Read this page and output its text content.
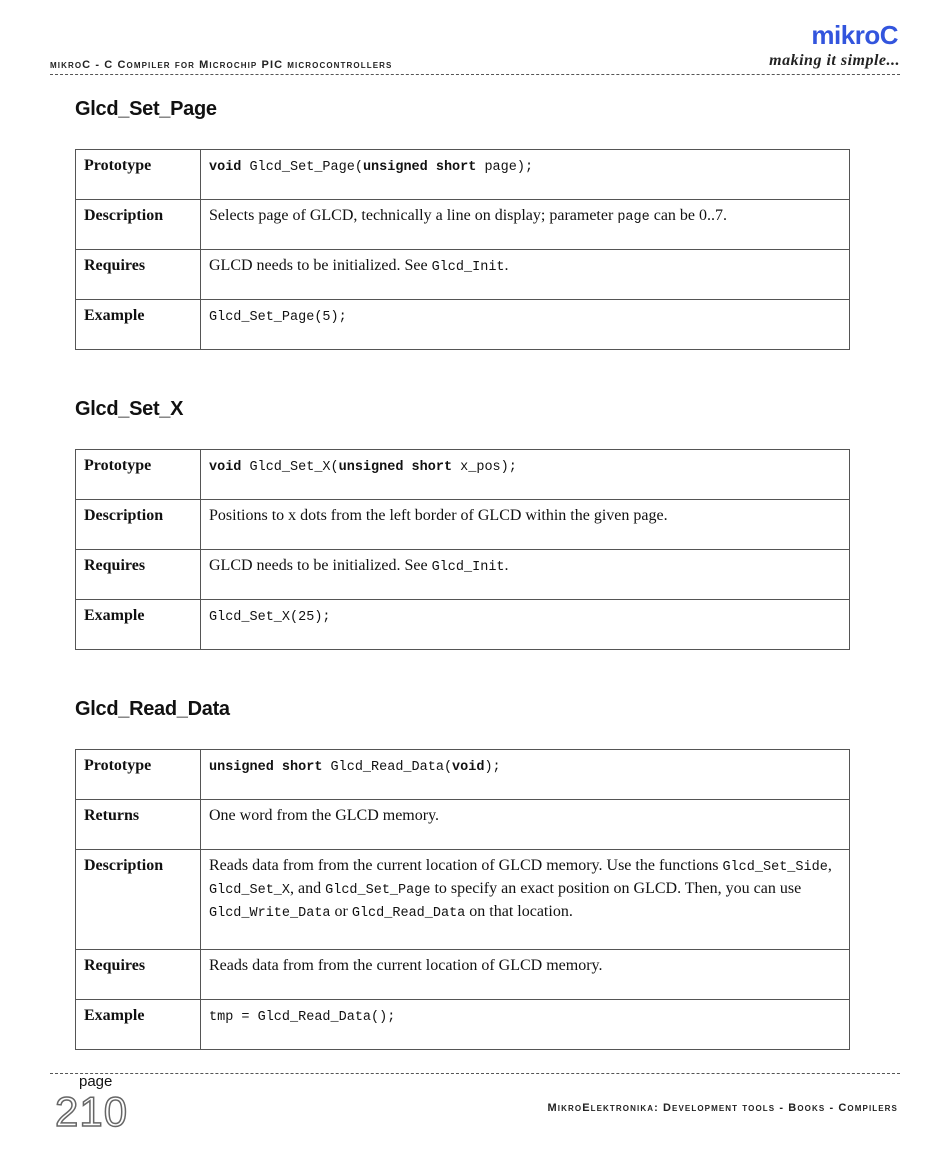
mikroC - C Compiler for Microchip PIC microcontrollers
mikroC
making it simple...
Glcd_Set_Page
Prototype	void Glcd_Set_Page(unsigned short page);
Description	Selects page of GLCD, technically a line on display; parameter page can be 0..7.
Requires	GLCD needs to be initialized. See Glcd_Init.
Example	Glcd_Set_Page(5);
Glcd_Set_X
Prototype	void Glcd_Set_X(unsigned short x_pos);
Description	Positions to x dots from the left border of GLCD within the given page.
Requires	GLCD needs to be initialized. See Glcd_Init.
Example	Glcd_Set_X(25);
Glcd_Read_Data
Prototype	unsigned short Glcd_Read_Data(void);
Returns	One word from the GLCD memory.
Description	Reads data from from the current location of GLCD memory. Use the functions Glcd_Set_Side, Glcd_Set_X, and Glcd_Set_Page to specify an exact position on GLCD. Then, you can use Glcd_Write_Data or Glcd_Read_Data on that location.
Requires	Reads data from from the current location of GLCD memory.
Example	tmp = Glcd_Read_Data();
page
210	MikroElektronika: Development tools - Books - Compilers
